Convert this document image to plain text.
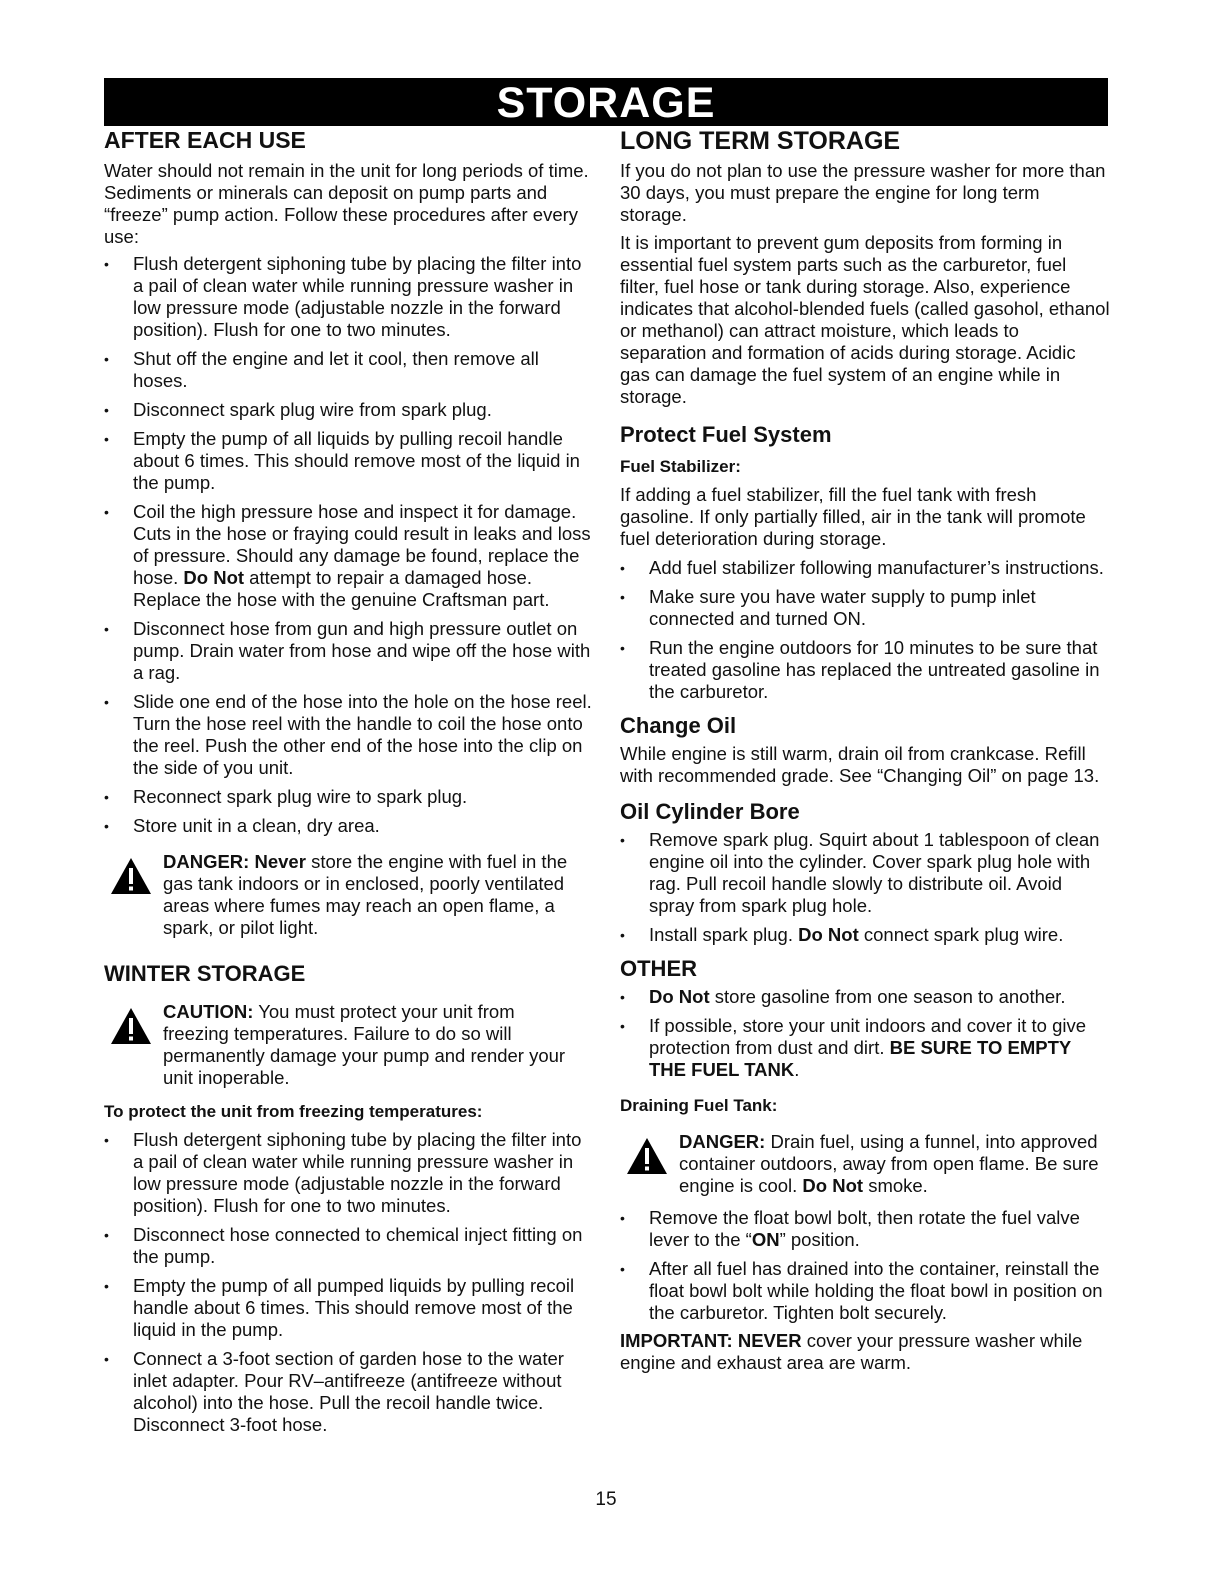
STORAGE
AFTER EACH USE

Water should not remain in the unit for long periods of time. Sediments or minerals can deposit on pump parts and “freeze” pump action. Follow these procedures after every use:

• Flush detergent siphoning tube by placing the filter into a pail of clean water while running pressure washer in low pressure mode (adjustable nozzle in the forward position). Flush for one to two minutes.
• Shut off the engine and let it cool, then remove all hoses.
• Disconnect spark plug wire from spark plug.
• Empty the pump of all liquids by pulling recoil handle about 6 times. This should remove most of the liquid in the pump.
• Coil the high pressure hose and inspect it for damage. Cuts in the hose or fraying could result in leaks and loss of pressure. Should any damage be found, replace the hose. Do Not attempt to repair a damaged hose. Replace the hose with the genuine Craftsman part.
• Disconnect hose from gun and high pressure outlet on pump. Drain water from hose and wipe off the hose with a rag.
• Slide one end of the hose into the hole on the hose reel. Turn the hose reel with the handle to coil the hose onto the reel. Push the other end of the hose into the clip on the side of you unit.
• Reconnect spark plug wire to spark plug.
• Store unit in a clean, dry area.
DANGER: Never store the engine with fuel in the gas tank indoors or in enclosed, poorly ventilated areas where fumes may reach an open flame, a spark, or pilot light.
WINTER STORAGE
CAUTION: You must protect your unit from freezing temperatures. Failure to do so will permanently damage your pump and render your unit inoperable.

To protect the unit from freezing temperatures:

• Flush detergent siphoning tube by placing the filter into a pail of clean water while running pressure washer in low pressure mode (adjustable nozzle in the forward position). Flush for one to two minutes.
• Disconnect hose connected to chemical inject fitting on the pump.
• Empty the pump of all pumped liquids by pulling recoil handle about 6 times. This should remove most of the liquid in the pump.
• Connect a 3-foot section of garden hose to the water inlet adapter. Pour RV–antifreeze (antifreeze without alcohol) into the hose. Pull the recoil handle twice. Disconnect 3-foot hose.
LONG TERM STORAGE

If you do not plan to use the pressure washer for more than 30 days, you must prepare the engine for long term storage.

It is important to prevent gum deposits from forming in essential fuel system parts such as the carburetor, fuel filter, fuel hose or tank during storage. Also, experience indicates that alcohol-blended fuels (called gasohol, ethanol or methanol) can attract moisture, which leads to separation and formation of acids during storage. Acidic gas can damage the fuel system of an engine while in storage.

Protect Fuel System

Fuel Stabilizer:

If adding a fuel stabilizer, fill the fuel tank with fresh gasoline. If only partially filled, air in the tank will promote fuel deterioration during storage.

• Add fuel stabilizer following manufacturer’s instructions.
• Make sure you have water supply to pump inlet connected and turned ON.
• Run the engine outdoors for 10 minutes to be sure that treated gasoline has replaced the untreated gasoline in the carburetor.
Change Oil

While engine is still warm, drain oil from crankcase. Refill with recommended grade. See “Changing Oil” on page 13.

Oil Cylinder Bore
• Remove spark plug. Squirt about 1 tablespoon of clean engine oil into the cylinder. Cover spark plug hole with rag. Pull recoil handle slowly to distribute oil. Avoid spray from spark plug hole.
• Install spark plug. Do Not connect spark plug wire.
OTHER
• Do Not store gasoline from one season to another.
• If possible, store your unit indoors and cover it to give protection from dust and dirt. BE SURE TO EMPTY THE FUEL TANK.

Draining Fuel Tank:

DANGER: Drain fuel, using a funnel, into approved container outdoors, away from open flame. Be sure engine is cool. Do Not smoke.
• Remove the float bowl bolt, then rotate the fuel valve lever to the “ON” position.
• After all fuel has drained into the container, reinstall the float bowl bolt while holding the float bowl in position on the carburetor. Tighten bolt securely.

IMPORTANT: NEVER cover your pressure washer while engine and exhaust area are warm.

15
